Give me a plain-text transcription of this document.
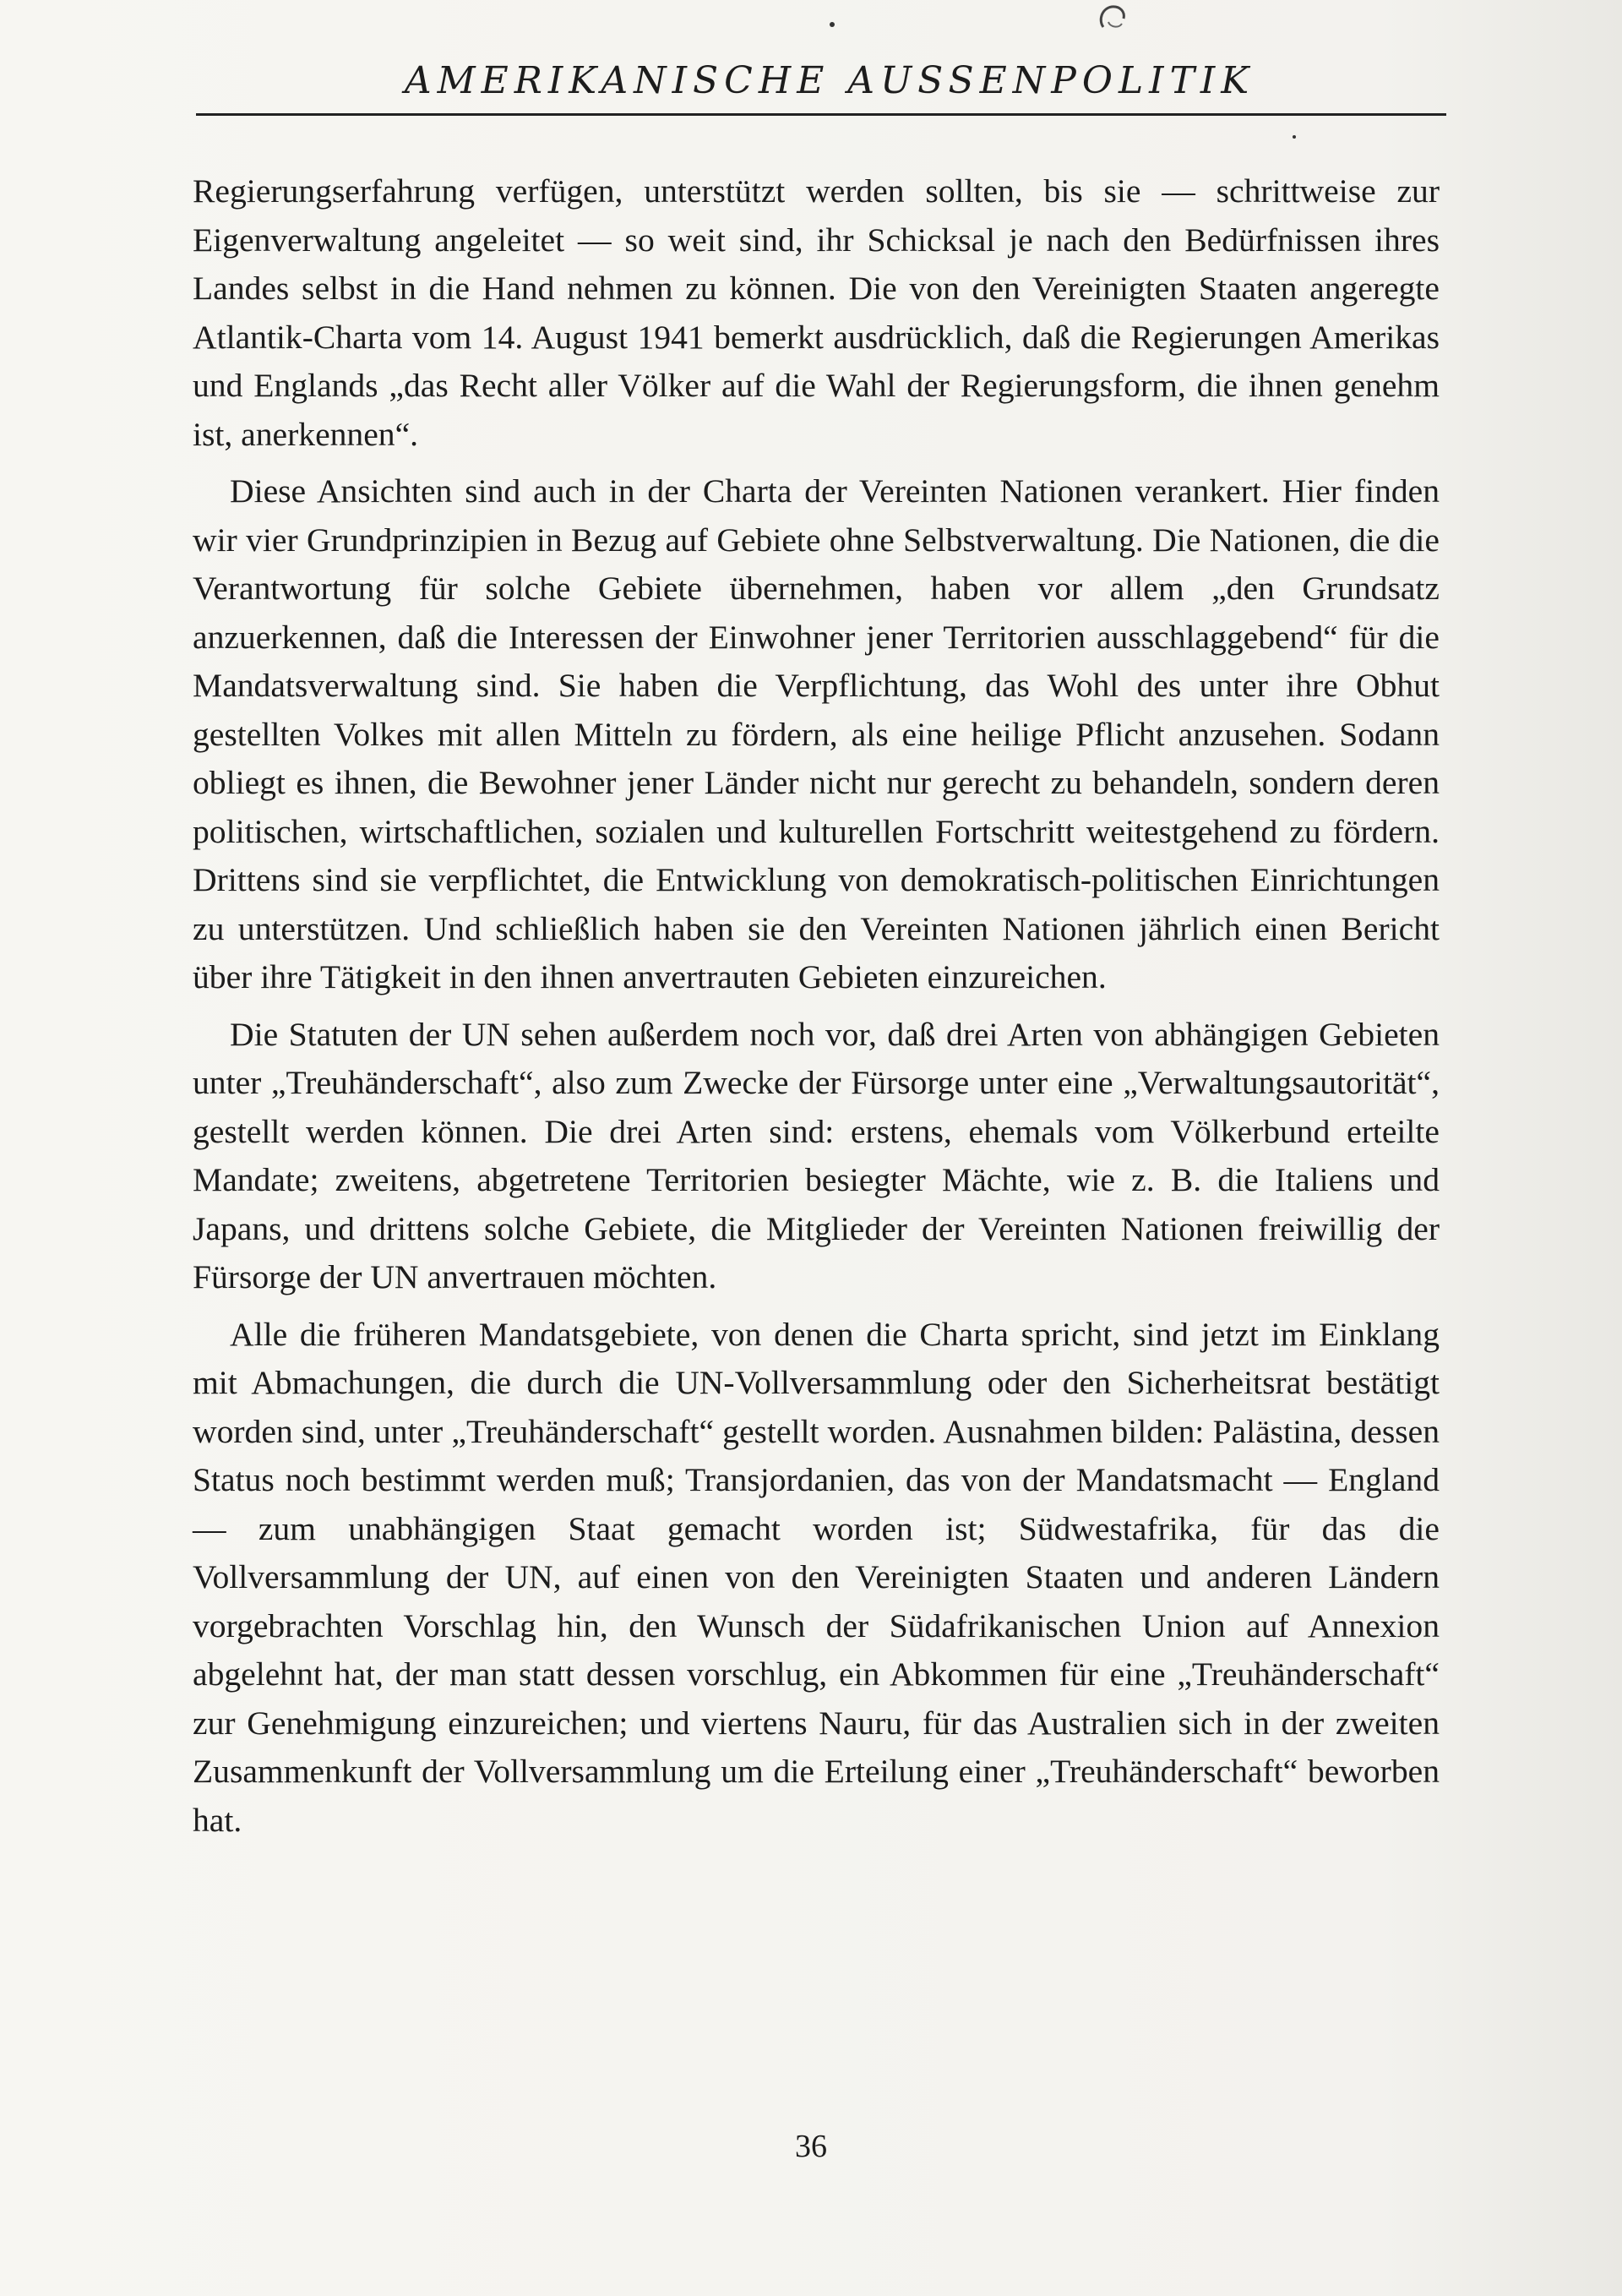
AMERIKANISCHE AUSSENPOLITIK

Regierungserfahrung verfügen, unterstützt werden sollten, bis sie — schrittweise zur Eigenverwaltung angeleitet — so weit sind, ihr Schicksal je nach den Bedürfnissen ihres Landes selbst in die Hand nehmen zu können. Die von den Vereinigten Staaten angeregte Atlantik-Charta vom 14. August 1941 bemerkt ausdrücklich, daß die Regierungen Amerikas und Englands „das Recht aller Völker auf die Wahl der Regierungsform, die ihnen genehm ist, anerkennen“.

Diese Ansichten sind auch in der Charta der Vereinten Nationen verankert. Hier finden wir vier Grundprinzipien in Bezug auf Gebiete ohne Selbstverwaltung. Die Nationen, die die Verantwortung für solche Gebiete übernehmen, haben vor allem „den Grundsatz anzuerkennen, daß die Interessen der Einwohner jener Territorien ausschlaggebend“ für die Mandatsverwaltung sind. Sie haben die Verpflichtung, das Wohl des unter ihre Obhut gestellten Volkes mit allen Mitteln zu fördern, als eine heilige Pflicht anzusehen. Sodann obliegt es ihnen, die Bewohner jener Länder nicht nur gerecht zu behandeln, sondern deren politischen, wirtschaftlichen, sozialen und kulturellen Fortschritt weitestgehend zu fördern. Drittens sind sie verpflichtet, die Entwicklung von demokratisch-politischen Einrichtungen zu unterstützen. Und schließlich haben sie den Vereinten Nationen jährlich einen Bericht über ihre Tätigkeit in den ihnen anvertrauten Gebieten einzureichen.

Die Statuten der UN sehen außerdem noch vor, daß drei Arten von abhängigen Gebieten unter „Treuhänderschaft“, also zum Zwecke der Fürsorge unter eine „Verwaltungsautorität“, gestellt werden können. Die drei Arten sind: erstens, ehemals vom Völkerbund erteilte Mandate; zweitens, abgetretene Territorien besiegter Mächte, wie z. B. die Italiens und Japans, und drittens solche Gebiete, die Mitglieder der Vereinten Nationen freiwillig der Fürsorge der UN anvertrauen möchten.

Alle die früheren Mandatsgebiete, von denen die Charta spricht, sind jetzt im Einklang mit Abmachungen, die durch die UN-Vollversammlung oder den Sicherheitsrat bestätigt worden sind, unter „Treuhänderschaft“ gestellt worden. Ausnahmen bilden: Palästina, dessen Status noch bestimmt werden muß; Transjordanien, das von der Mandatsmacht — England — zum unabhängigen Staat gemacht worden ist; Südwestafrika, für das die Vollversammlung der UN, auf einen von den Vereinigten Staaten und anderen Ländern vorgebrachten Vorschlag hin, den Wunsch der Südafrikanischen Union auf Annexion abgelehnt hat, der man statt dessen vorschlug, ein Abkommen für eine „Treuhänderschaft“ zur Genehmigung einzureichen; und viertens Nauru, für das Australien sich in der zweiten Zusammenkunft der Vollversammlung um die Erteilung einer „Treuhänderschaft“ beworben hat.

36
